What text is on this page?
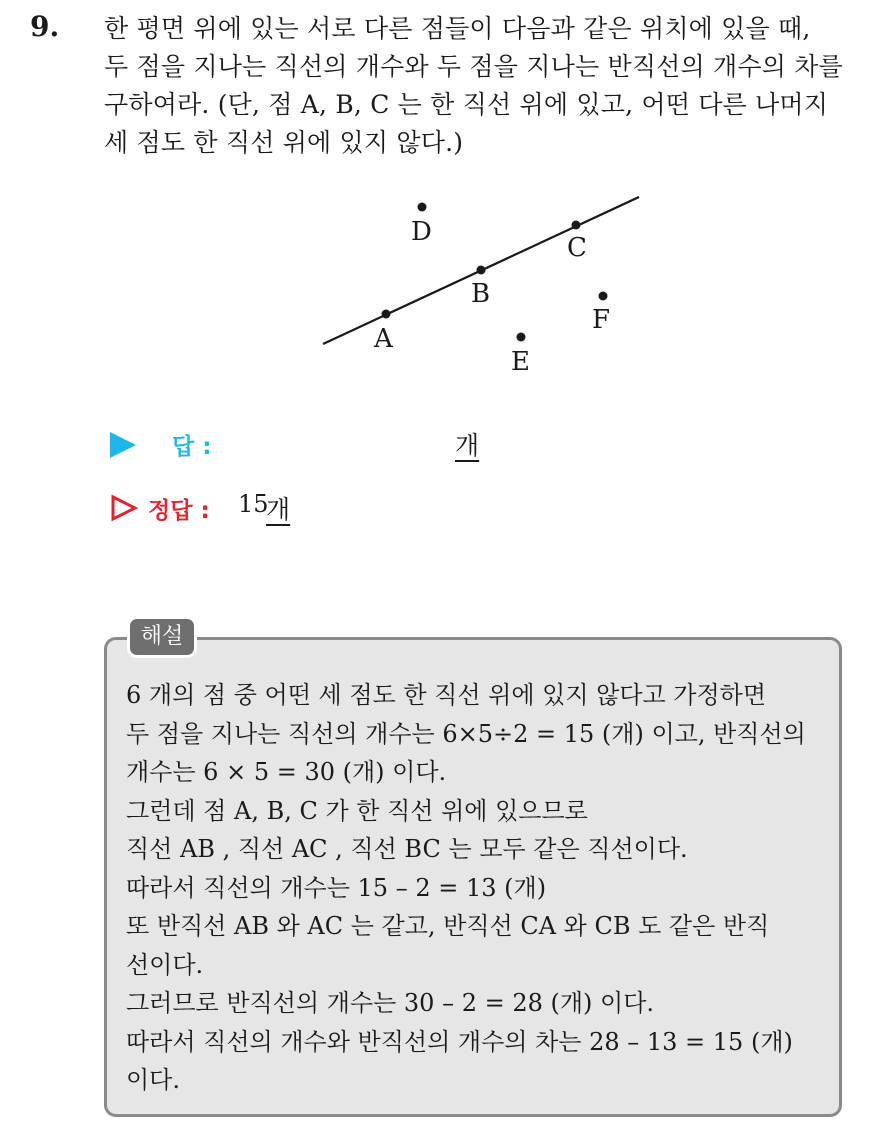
9. 한 평면 위에 있는 서로 다른 점들이 다음과 같은 위치에 있을 때,
두 점을 지나는 직선의 개수와 두 점을 지나는 반직선의 개수의 차를
구하여라. (단, 점 A, B, C 는 한 직선 위에 있고, 어떤 다른 나머지
세 점도 한 직선 위에 있지 않다.)
A
B
C
D
E
F
답 :	개
정답 : 15
개
해설
6 개의 점 중 어떤 세 점도 한 직선 위에 있지 않다고 가정하면
두 점을 지나는 직선의 개수는 6×5÷2 = 15 (개) 이고, 반직선의
개수는 6 × 5 = 30 (개) 이다.
그런데 점 A, B, C 가 한 직선 위에 있으므로
직선 AB , 직선 AC , 직선 BC 는 모두 같은 직선이다.
따라서 직선의 개수는 15 – 2 = 13 (개)
또 반직선 AB 와 AC 는 같고, 반직선 CA 와 CB 도 같은 반직
선이다.
그러므로 반직선의 개수는 30 – 2 = 28 (개) 이다.
따라서 직선의 개수와 반직선의 개수의 차는 28 – 13 = 15 (개)
이다.
